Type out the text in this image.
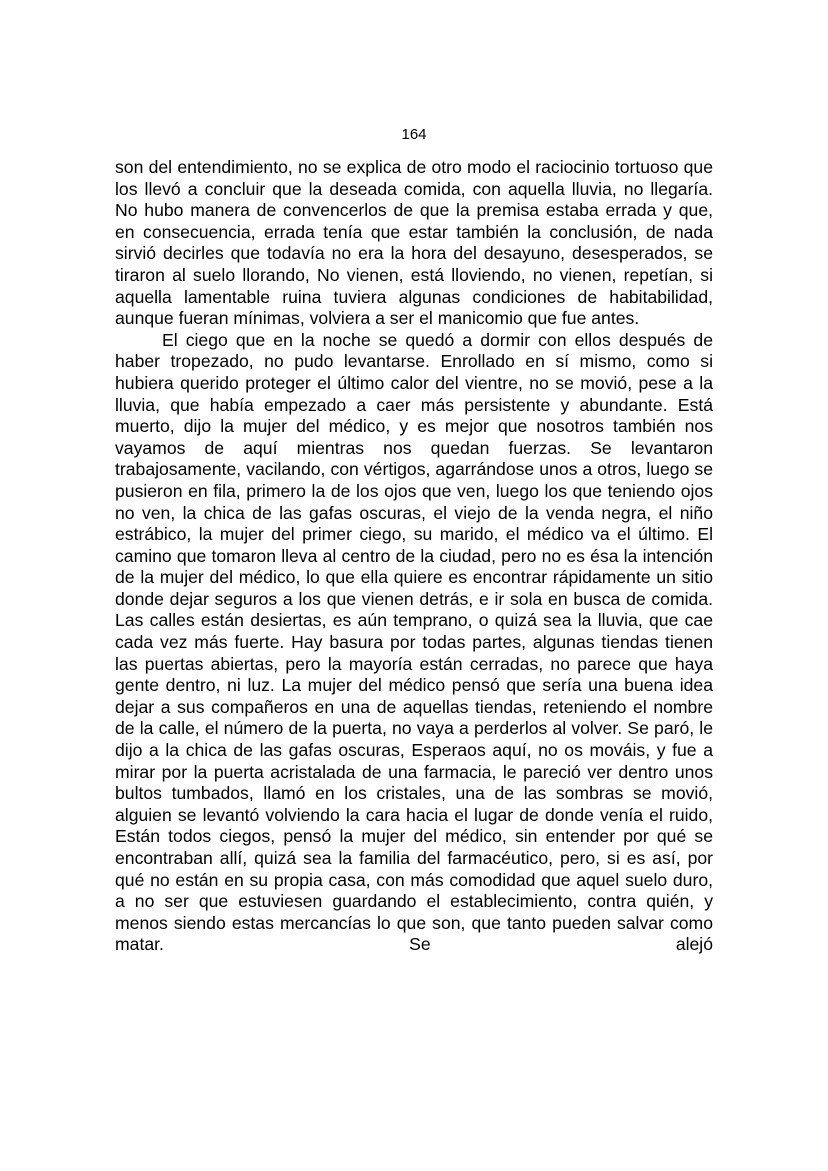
164

son del entendimiento, no se explica de otro modo el raciocinio tortuoso que los llevó a concluir que la deseada comida, con aquella lluvia, no llegaría. No hubo manera de convencerlos de que la premisa estaba errada y que, en consecuencia, errada tenía que estar también la conclusión, de nada sirvió decirles que todavía no era la hora del desayuno, desesperados, se tiraron al suelo llorando, No vienen, está lloviendo, no vienen, repetían, si aquella lamentable ruina tuviera algunas condiciones de habitabilidad, aunque fueran mínimas, volviera a ser el manicomio que fue antes.

El ciego que en la noche se quedó a dormir con ellos después de haber tropezado, no pudo levantarse. Enrollado en sí mismo, como si hubiera querido proteger el último calor del vientre, no se movió, pese a la lluvia, que había empezado a caer más persistente y abundante. Está muerto, dijo la mujer del médico, y es mejor que nosotros también nos vayamos de aquí mientras nos quedan fuerzas. Se levantaron trabajosamente, vacilando, con vértigos, agarrándose unos a otros, luego se pusieron en fila, primero la de los ojos que ven, luego los que teniendo ojos no ven, la chica de las gafas oscuras, el viejo de la venda negra, el niño estrábico, la mujer del primer ciego, su marido, el médico va el último. El camino que tomaron lleva al centro de la ciudad, pero no es ésa la intención de la mujer del médico, lo que ella quiere es encontrar rápidamente un sitio donde dejar seguros a los que vienen detrás, e ir sola en busca de comida. Las calles están desiertas, es aún temprano, o quizá sea la lluvia, que cae cada vez más fuerte. Hay basura por todas partes, algunas tiendas tienen las puertas abiertas, pero la mayoría están cerradas, no parece que haya gente dentro, ni luz. La mujer del médico pensó que sería una buena idea dejar a sus compañeros en una de aquellas tiendas, reteniendo el nombre de la calle, el número de la puerta, no vaya a perderlos al volver. Se paró, le dijo a la chica de las gafas oscuras, Esperaos aquí, no os mováis, y fue a mirar por la puerta acristalada de una farmacia, le pareció ver dentro unos bultos tumbados, llamó en los cristales, una de las sombras se movió, alguien se levantó volviendo la cara hacia el lugar de donde venía el ruido, Están todos ciegos, pensó la mujer del médico, sin entender por qué se encontraban allí, quizá sea la familia del farmacéutico, pero, si es así, por qué no están en su propia casa, con más comodidad que aquel suelo duro, a no ser que estuviesen guardando el establecimiento, contra quién, y menos siendo estas mercancías lo que son, que tanto pueden salvar como matar. Se alejó
